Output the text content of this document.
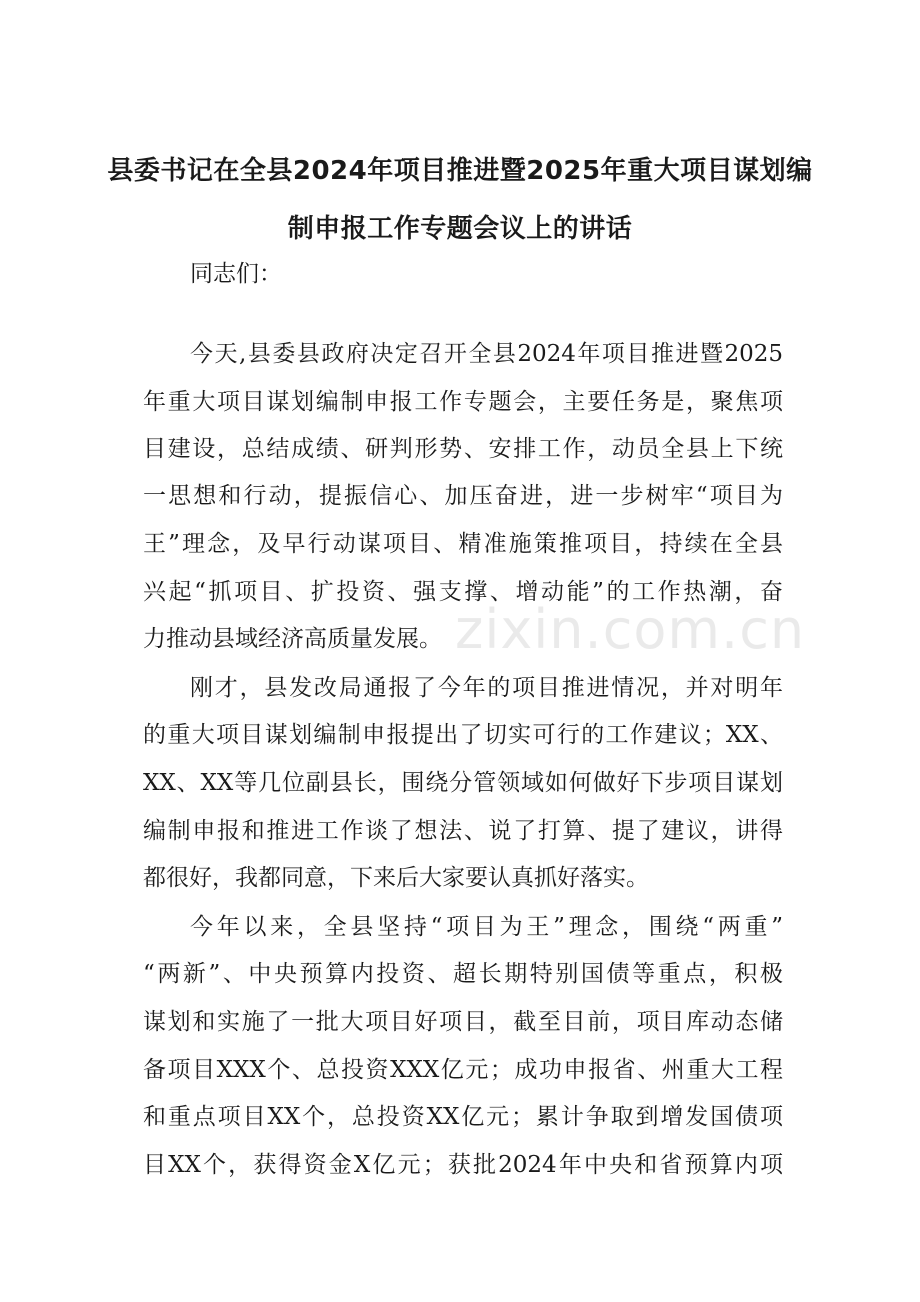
县委书记在全县2024年项目推进暨2025年重大项目谋划编
制申报工作专题会议上的讲话
同志们：
今天,县委县政府决定召开全县2024年项目推进暨2025
年重大项目谋划编制申报工作专题会，主要任务是，聚焦项
目建设，总结成绩、研判形势、安排工作，动员全县上下统
一思想和行动，提振信心、加压奋进，进一步树牢“项目为
王”理念，及早行动谋项目、精准施策推项目，持续在全县
兴起“抓项目、扩投资、强支撑、增动能”的工作热潮，奋
力推动县域经济高质量发展。
刚才，县发改局通报了今年的项目推进情况，并对明年
的重大项目谋划编制申报提出了切实可行的工作建议；XX、
XX、XX等几位副县长，围绕分管领域如何做好下步项目谋划
编制申报和推进工作谈了想法、说了打算、提了建议，讲得
都很好，我都同意，下来后大家要认真抓好落实。
今年以来，全县坚持“项目为王”理念，围绕“两重”
“两新”、中央预算内投资、超长期特别国债等重点，积极
谋划和实施了一批大项目好项目，截至目前，项目库动态储
备项目XXX个、总投资XXX亿元；成功申报省、州重大工程
和重点项目XX个，总投资XX亿元；累计争取到增发国债项
目XX个，获得资金X亿元；获批2024年中央和省预算内项
zixin.com.cn
